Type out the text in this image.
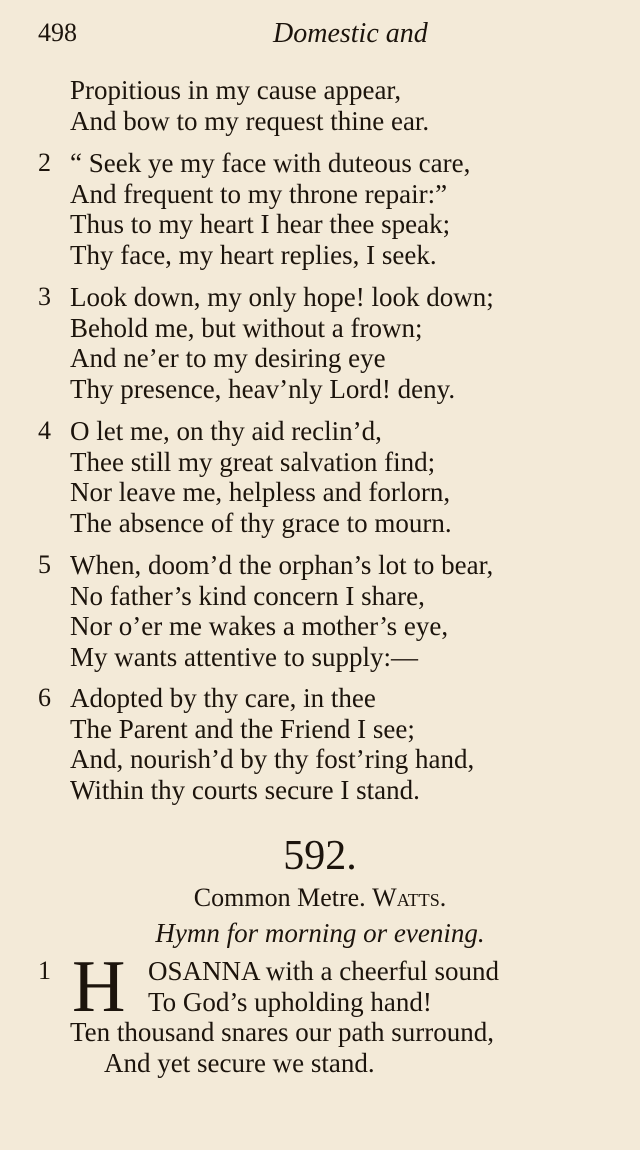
498	Domestic and
Propitious in my cause appear,
And bow to my request thine ear.
2 “ Seek ye my face with duteous care,
And frequent to my throne repair:”
Thus to my heart I hear thee speak;
Thy face, my heart replies, I seek.
3 Look down, my only hope! look down;
Behold me, but without a frown;
And ne’er to my desiring eye
Thy presence, heav’nly Lord! deny.
4 O let me, on thy aid reclin’d,
Thee still my great salvation find;
Nor leave me, helpless and forlorn,
The absence of thy grace to mourn.
5 When, doom’d the orphan’s lot to bear,
No father’s kind concern I share,
Nor o’er me wakes a mother’s eye,
My wants attentive to supply:—
6 Adopted by thy care, in thee
The Parent and the Friend I see;
And, nourish’d by thy fost’ring hand,
Within thy courts secure I stand.
592.
Common Metre. Watts.
Hymn for morning or evening.
1 H OSANNA with a cheerful sound
To God’s upholding hand!
Ten thousand snares our path surround,
And yet secure we stand.
